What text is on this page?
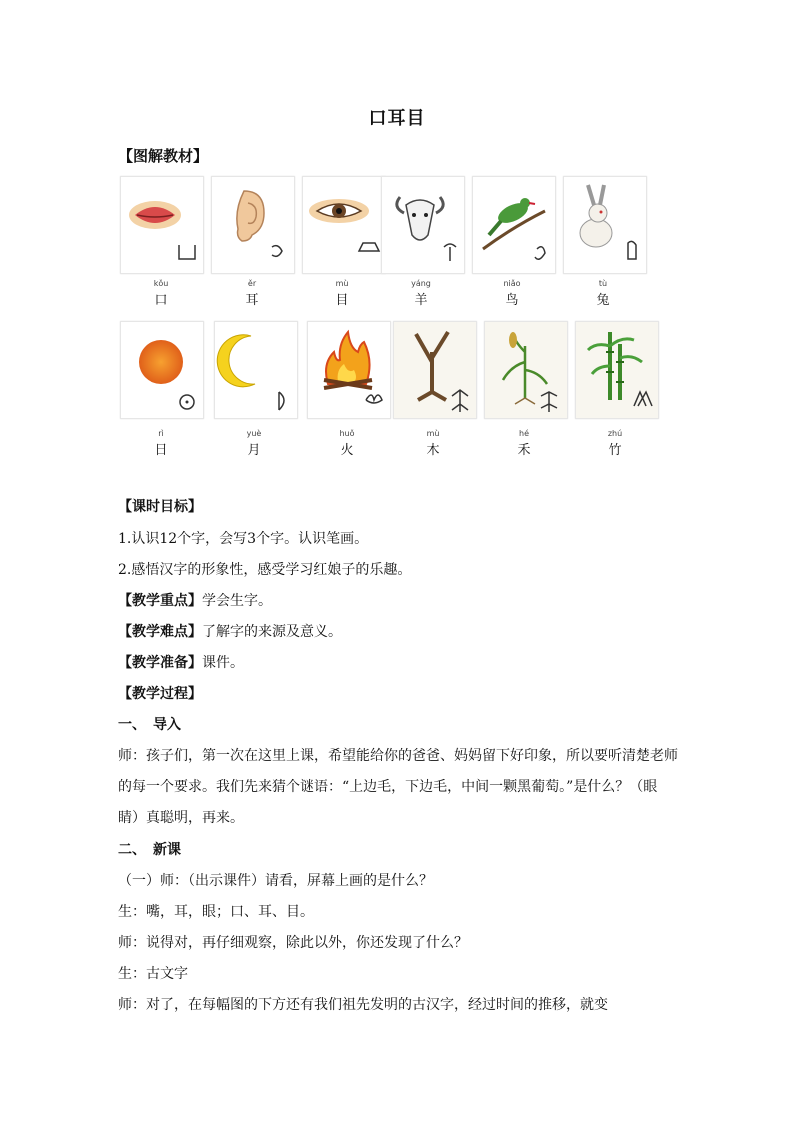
口耳目
【图解教材】
kǒu
口
ěr
耳
mù
目
yáng
羊
niǎo
鸟
tù
兔
rì
日
yuè
月
huǒ
火
mù
木
hé
禾
zhú
竹
【课时目标】
1.认识12个字，会写3个字。认识笔画。
2.感悟汉字的形象性，感受学习红娘子的乐趣。
【教学重点】学会生字。
【教学难点】了解字的来源及意义。
【教学准备】课件。
【教学过程】
一、　导入
师：孩子们，第一次在这里上课，希望能给你的爸爸、妈妈留下好印象，所以要听清楚老师的每一个要求。我们先来猜个谜语：“上边毛，下边毛，中间一颗黑葡萄。”是什么？（眼睛）真聪明，再来。
二、　新课
（一）师：（出示课件）请看，屏幕上画的是什么？
生：嘴，耳，眼；口、耳、目。
师：说得对，再仔细观察，除此以外，你还发现了什么？
生：古文字
师：对了，在每幅图的下方还有我们祖先发明的古汉字，经过时间的推移，就变
